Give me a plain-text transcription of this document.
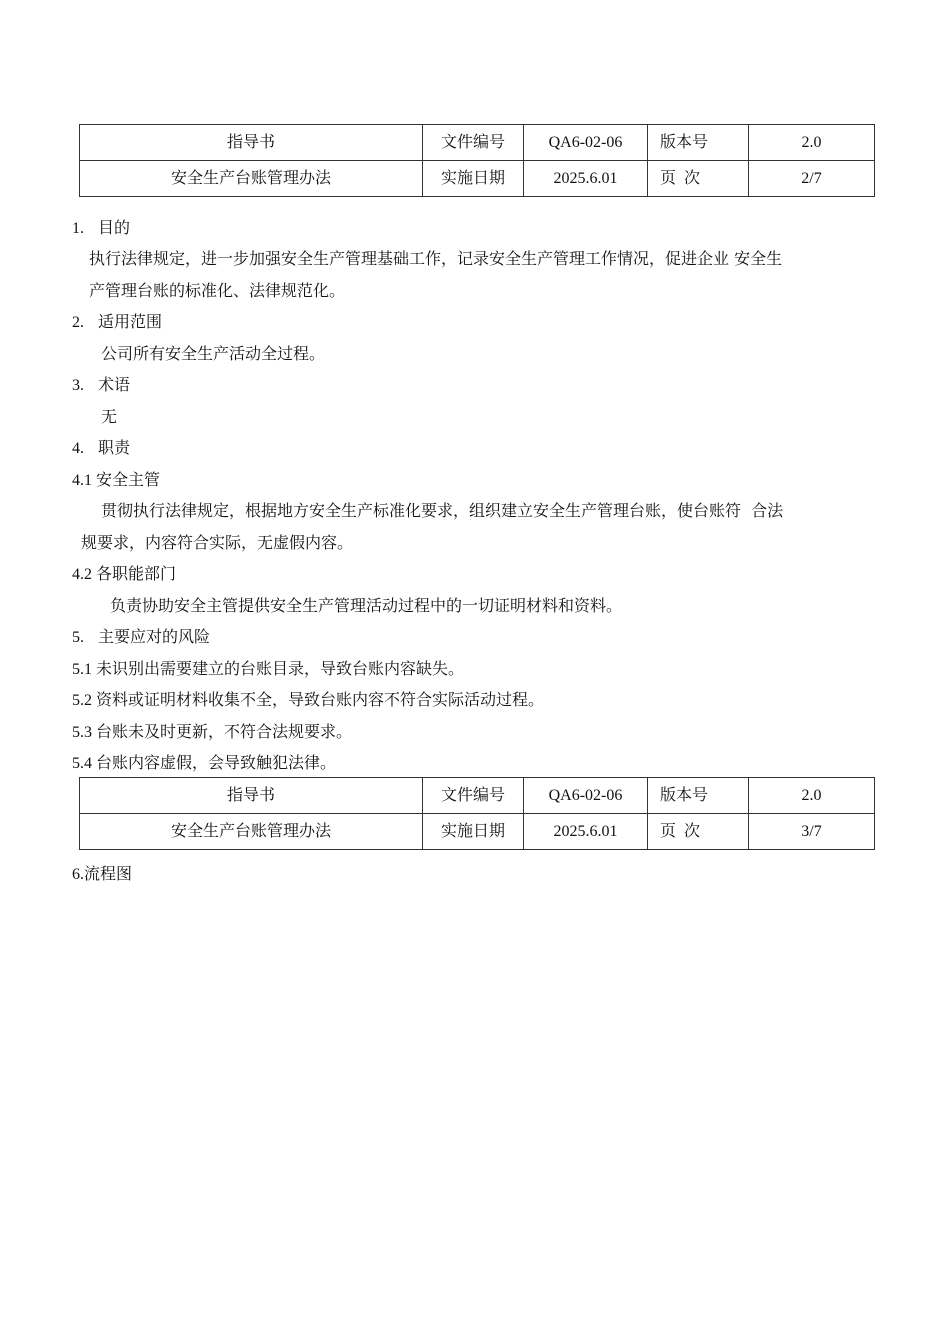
指导书	文件编号	QA6-02-06	版本号	2.0
安全生产台账管理办法	实施日期	2025.6.01	页  次	2/7
1. 目的
执行法律规定，进一步加强安全生产管理基础工作，记录安全生产管理工作情况，促进企业 安全生
产管理台账的标准化、法律规范化。
2. 适用范围
公司所有安全生产活动全过程。
3. 术语
无
4. 职责
4.1 安全主管
贯彻执行法律规定，根据地方安全生产标准化要求，组织建立安全生产管理台账，使台账符  合法
规要求，内容符合实际，无虚假内容。
4.2 各职能部门
负责协助安全主管提供安全生产管理活动过程中的一切证明材料和资料。
5. 主要应对的风险
5.1 未识别出需要建立的台账目录，导致台账内容缺失。
5.2 资料或证明材料收集不全，导致台账内容不符合实际活动过程。
5.3 台账未及时更新，不符合法规要求。
5.4 台账内容虚假，会导致触犯法律。
指导书	文件编号	QA6-02-06	版本号	2.0
安全生产台账管理办法	实施日期	2025.6.01	页  次	3/7
6.流程图
